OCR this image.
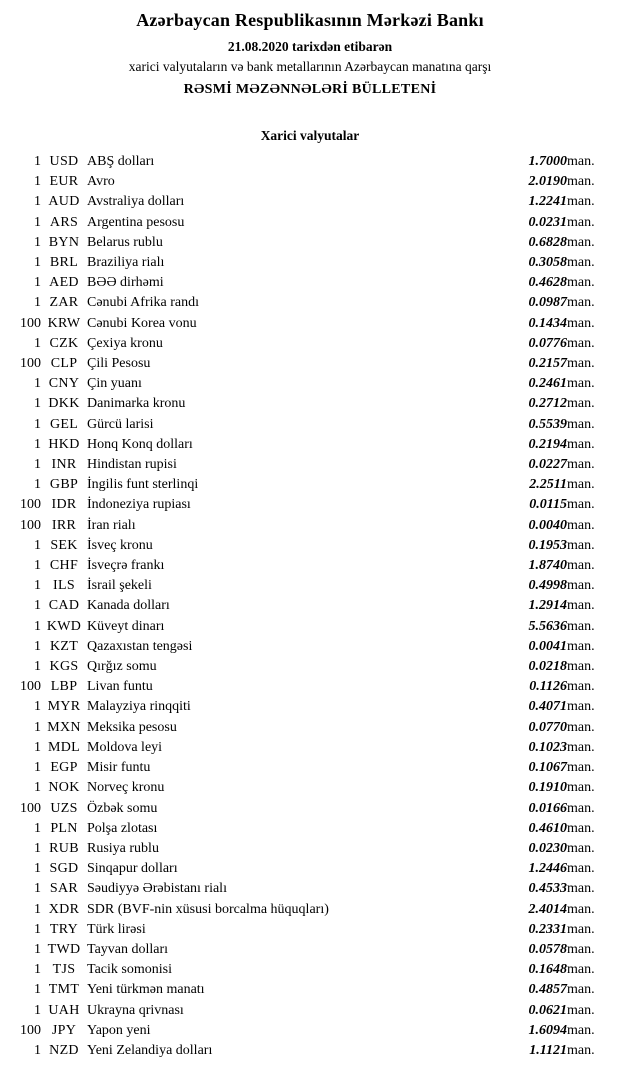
Azərbaycan Respublikasının Mərkəzi Bankı
21.08.2020 tarixdən etibarən
xarici valyutaların və bank metallarının Azərbaycan manatına qarşı
RƏSMİ MƏZƏNNƏLƏRİ BÜLLETENİ
Xarici valyutalar
1	USD	ABŞ dolları	1.7000	man.
1	EUR	Avro	2.0190	man.
1	AUD	Avstraliya dolları	1.2241	man.
1	ARS	Argentina pesosu	0.0231	man.
1	BYN	Belarus rublu	0.6828	man.
1	BRL	Braziliya rialı	0.3058	man.
1	AED	BƏƏ dirhəmi	0.4628	man.
1	ZAR	Cənubi Afrika randı	0.0987	man.
100	KRW	Cənubi Korea vonu	0.1434	man.
1	CZK	Çexiya kronu	0.0776	man.
100	CLP	Çili Pesosu	0.2157	man.
1	CNY	Çin yuanı	0.2461	man.
1	DKK	Danimarka kronu	0.2712	man.
1	GEL	Gürcü larisi	0.5539	man.
1	HKD	Honq Konq dolları	0.2194	man.
1	INR	Hindistan rupisi	0.0227	man.
1	GBP	İngilis funt sterlinqi	2.2511	man.
100	IDR	İndoneziya rupiası	0.0115	man.
100	IRR	İran rialı	0.0040	man.
1	SEK	İsveç kronu	0.1953	man.
1	CHF	İsveçrə frankı	1.8740	man.
1	ILS	İsrail şekeli	0.4998	man.
1	CAD	Kanada dolları	1.2914	man.
1	KWD	Küveyt dinarı	5.5636	man.
1	KZT	Qazaxıstan tengəsi	0.0041	man.
1	KGS	Qırğız somu	0.0218	man.
100	LBP	Livan funtu	0.1126	man.
1	MYR	Malayziya rinqqiti	0.4071	man.
1	MXN	Meksika pesosu	0.0770	man.
1	MDL	Moldova leyi	0.1023	man.
1	EGP	Misir funtu	0.1067	man.
1	NOK	Norveç kronu	0.1910	man.
100	UZS	Özbək somu	0.0166	man.
1	PLN	Polşa zlotası	0.4610	man.
1	RUB	Rusiya rublu	0.0230	man.
1	SGD	Sinqapur dolları	1.2446	man.
1	SAR	Səudiyyə Ərəbistanı rialı	0.4533	man.
1	XDR	SDR (BVF-nin xüsusi borcalma hüquqları)	2.4014	man.
1	TRY	Türk lirəsi	0.2331	man.
1	TWD	Tayvan dolları	0.0578	man.
1	TJS	Tacik somonisi	0.1648	man.
1	TMT	Yeni türkmən manatı	0.4857	man.
1	UAH	Ukrayna qrivnası	0.0621	man.
100	JPY	Yapon yeni	1.6094	man.
1	NZD	Yeni Zelandiya dolları	1.1121	man.
